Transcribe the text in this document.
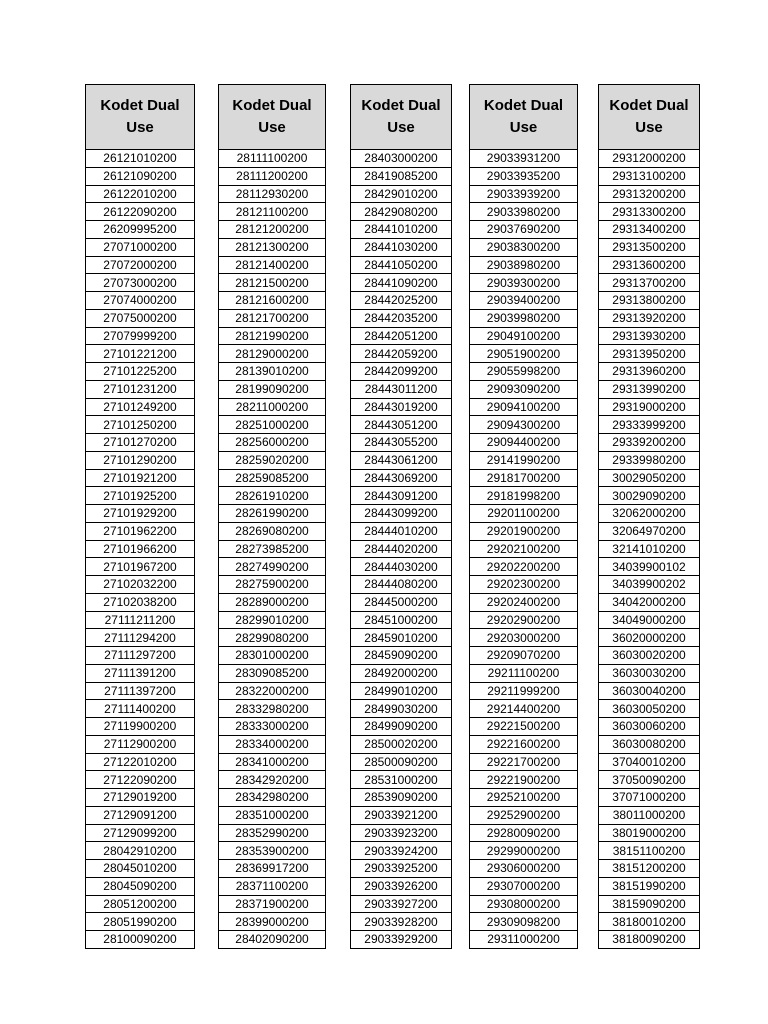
Kodet Dual Use
26121010200
26121090200
26122010200
26122090200
26209995200
27071000200
27072000200
27073000200
27074000200
27075000200
27079999200
27101221200
27101225200
27101231200
27101249200
27101250200
27101270200
27101290200
27101921200
27101925200
27101929200
27101962200
27101966200
27101967200
27102032200
27102038200
27111211200
27111294200
27111297200
27111391200
27111397200
27111400200
27119900200
27112900200
27122010200
27122090200
27129019200
27129091200
27129099200
28042910200
28045010200
28045090200
28051200200
28051990200
28100090200
Kodet Dual Use
28111100200
28111200200
28112930200
28121100200
28121200200
28121300200
28121400200
28121500200
28121600200
28121700200
28121990200
28129000200
28139010200
28199090200
28211000200
28251000200
28256000200
28259020200
28259085200
28261910200
28261990200
28269080200
28273985200
28274990200
28275900200
28289000200
28299010200
28299080200
28301000200
28309085200
28322000200
28332980200
28333000200
28334000200
28341000200
28342920200
28342980200
28351000200
28352990200
28353900200
28369917200
28371100200
28371900200
28399000200
28402090200
Kodet Dual Use
28403000200
28419085200
28429010200
28429080200
28441010200
28441030200
28441050200
28441090200
28442025200
28442035200
28442051200
28442059200
28442099200
28443011200
28443019200
28443051200
28443055200
28443061200
28443069200
28443091200
28443099200
28444010200
28444020200
28444030200
28444080200
28445000200
28451000200
28459010200
28459090200
28492000200
28499010200
28499030200
28499090200
28500020200
28500090200
28531000200
28539090200
29033921200
29033923200
29033924200
29033925200
29033926200
29033927200
29033928200
29033929200
Kodet Dual Use
29033931200
29033935200
29033939200
29033980200
29037690200
29038300200
29038980200
29039300200
29039400200
29039980200
29049100200
29051900200
29055998200
29093090200
29094100200
29094300200
29094400200
29141990200
29181700200
29181998200
29201100200
29201900200
29202100200
29202200200
29202300200
29202400200
29202900200
29203000200
29209070200
29211100200
29211999200
29214400200
29221500200
29221600200
29221700200
29221900200
29252100200
29252900200
29280090200
29299000200
29306000200
29307000200
29308000200
29309098200
29311000200
Kodet Dual Use
29312000200
29313100200
29313200200
29313300200
29313400200
29313500200
29313600200
29313700200
29313800200
29313920200
29313930200
29313950200
29313960200
29313990200
29319000200
29333999200
29339200200
29339980200
30029050200
30029090200
32062000200
32064970200
32141010200
34039900102
34039900202
34042000200
34049000200
36020000200
36030020200
36030030200
36030040200
36030050200
36030060200
36030080200
37040010200
37050090200
37071000200
38011000200
38019000200
38151100200
38151200200
38151990200
38159090200
38180010200
38180090200
